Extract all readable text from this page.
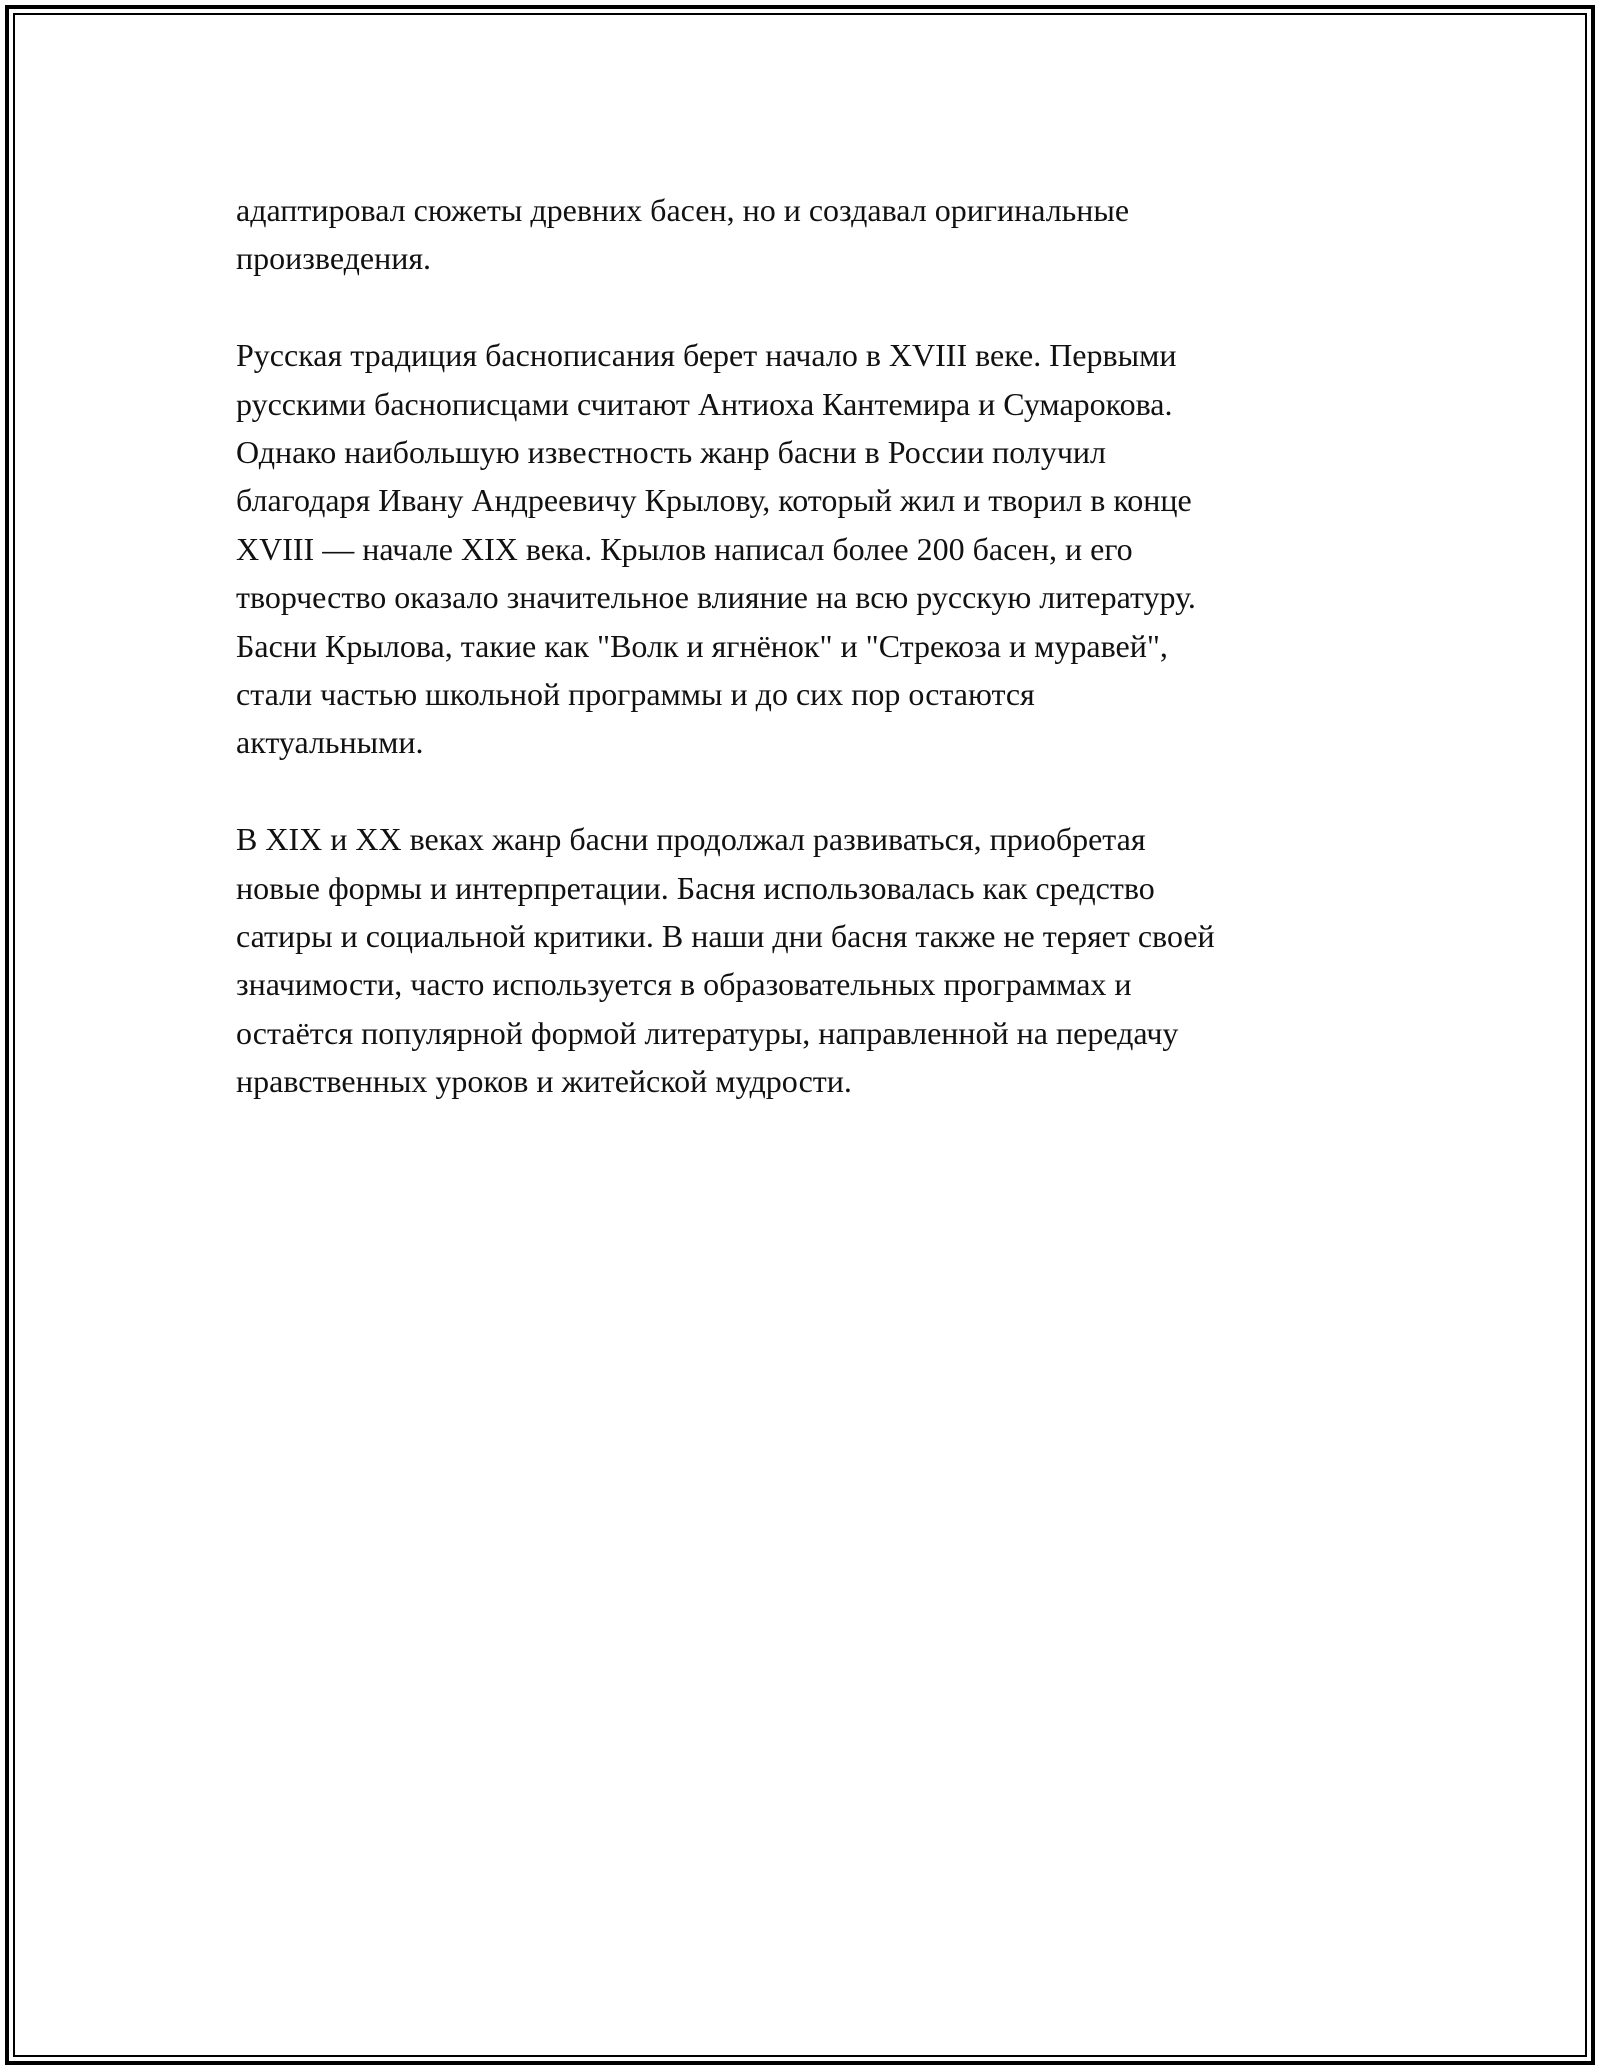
адаптировал сюжеты древних басен, но и создавал оригинальные
произведения.

Русская традиция баснописания берет начало в XVIII веке. Первыми
русскими баснописцами считают Антиоха Кантемира и Сумарокова.
Однако наибольшую известность жанр басни в России получил
благодаря Ивану Андреевичу Крылову, который жил и творил в конце
XVIII — начале XIX века. Крылов написал более 200 басен, и его
творчество оказало значительное влияние на всю русскую литературу.
Басни Крылова, такие как "Волк и ягнёнок" и "Стрекоза и муравей",
стали частью школьной программы и до сих пор остаются
актуальными.

В XIX и XX веках жанр басни продолжал развиваться, приобретая
новые формы и интерпретации. Басня использовалась как средство
сатиры и социальной критики. В наши дни басня также не теряет своей
значимости, часто используется в образовательных программах и
остаётся популярной формой литературы, направленной на передачу
нравственных уроков и житейской мудрости.
